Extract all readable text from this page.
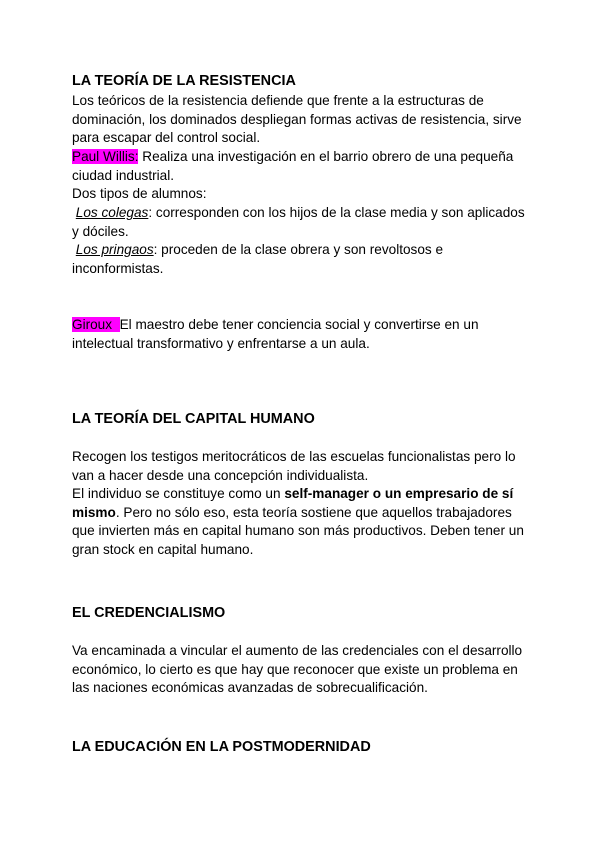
LA TEORÍA DE LA RESISTENCIA
Los teóricos de la resistencia defiende que frente a la estructuras de dominación, los dominados despliegan formas activas de resistencia, sirve para escapar del control social.
Paul Willis: Realiza una investigación en el barrio obrero de una pequeña ciudad industrial.
Dos tipos de alumnos:
Los colegas: corresponden con los hijos de la clase media y son aplicados y dóciles.
Los pringaos: proceden de la clase obrera y son revoltosos e inconformistas.
Giroux  El maestro debe tener conciencia social y convertirse en un intelectual transformativo y enfrentarse a un aula.
LA TEORÍA DEL CAPITAL HUMANO
Recogen los testigos meritocráticos de las escuelas funcionalistas pero lo van a hacer desde una concepción individualista.
El individuo se constituye como un self-manager o un empresario de sí mismo. Pero no sólo eso, esta teoría sostiene que aquellos trabajadores que invierten más en capital humano son más productivos. Deben tener un gran stock en capital humano.
EL CREDENCIALISMO
Va encaminada a vincular el aumento de las credenciales con el desarrollo económico, lo cierto es que hay que reconocer que existe un problema en las naciones económicas avanzadas de sobrecualificación.
LA EDUCACIÓN EN LA POSTMODERNIDAD
